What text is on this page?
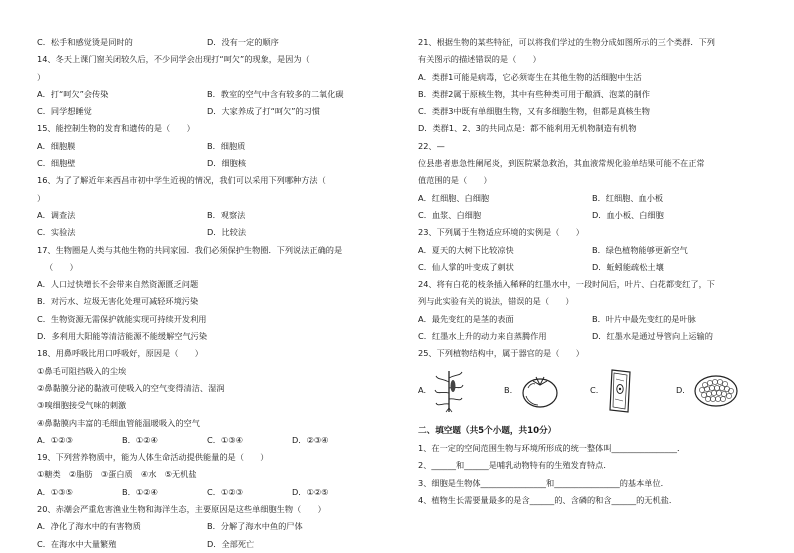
C．松手和感觉烫是同时的	D．没有一定的顺序
14、冬天上课门窗关闭较久后，不少同学会出现打“呵欠”的现象，是因为（
）
A．打“呵欠”会传染	B．教室的空气中含有较多的二氧化碳
C．同学想睡觉	D．大家养成了打“呵欠”的习惯
15、能控制生物的发育和遗传的是（　　）
A．细胞膜	B．细胞质
C．细胞壁	D．细胞核
16、为了了解近年来西昌市初中学生近视的情况，我们可以采用下列哪种方法（
）
A．调查法	B．观察法
C．实验法	D．比较法
17、生物圈是人类与其他生物的共同家园．我们必须保护生物圈．下列说法正确的是
（　　）
A．人口过快增长不会带来自然资源匮乏问题
B．对污水、垃圾无害化处理可减轻环境污染
C．生物资源无需保护就能实现可持续开发利用
D．多利用大阳能等清洁能源不能缓解空气污染
18、用鼻呼吸比用口呼吸好，原因是（　　）
①鼻毛可阻挡吸入的尘埃
②鼻黏膜分泌的黏液可使吸入的空气变得清洁、湿润
③嗅细胞接受气味的刺激
④鼻黏膜内丰富的毛细血管能温暖吸入的空气
A．①②③	B．①②④	C．①③④	D．②③④
19、下列营养物质中，能为人体生命活动提供能量的是（　　）
①糖类　②脂肪　③蛋白质　④水　⑤无机盐
A．①③⑤	B．①②④	C．①②③	D．①②⑤
20、赤潮会严重危害渔业生物和海洋生态，主要原因是这些单细胞生物（　　）
A．净化了海水中的有害物质	B．分解了海水中鱼的尸体
C．在海水中大量繁殖	D．全部死亡
21、根据生物的某些特征，可以将我们学过的生物分成如图所示的三个类群．下列
有关图示的描述错误的是（　　）
A．类群1可能是病毒，它必须寄生在其他生物的活细胞中生活
B．类群2属于原核生物，其中有些种类可用于酿酒、泡菜的制作
C．类群3中既有单细胞生物，又有多细胞生物，但都是真核生物
D．类群1、2、3的共同点是：都不能利用无机物制造有机物
22、—
位县患者患急性阑尾炎，到医院紧急救治，其血液常规化验单结果可能不在正常
值范围的是（　　）
A．红细胞、白细胞	B．红细胞、血小板
C．血浆、白细胞	D．血小板、白细胞
23、下列属于生物适应环境的实例是（　　）
A．夏天的大树下比较凉快	B．绿色植物能够更新空气
C．仙人掌的叶变成了刺状	D．蚯蚓能疏松土壤
24、将有白花的枝条插入稀释的红墨水中，一段时间后，叶片、白花都变红了，下
列与此实验有关的说法，错误的是（　　）
A．最先变红的是茎的表面	B．叶片中最先变红的是叶脉
C．红墨水上升的动力来自蒸腾作用	D．红墨水是通过导管向上运输的
25、下列植物结构中，属于器官的是（　　）
A.	B.	C.	D.
二、填空题（共5个小题，共10分）
1、在一定的空间范围生物与环境所形成的统一整体叫________________．
2、______和______是哺乳动物特有的生殖发育特点．
3、细胞是生物体________________和________________的基本单位．
4、植物生长需要量最多的是含______的、含磷的和含______的无机盐．
